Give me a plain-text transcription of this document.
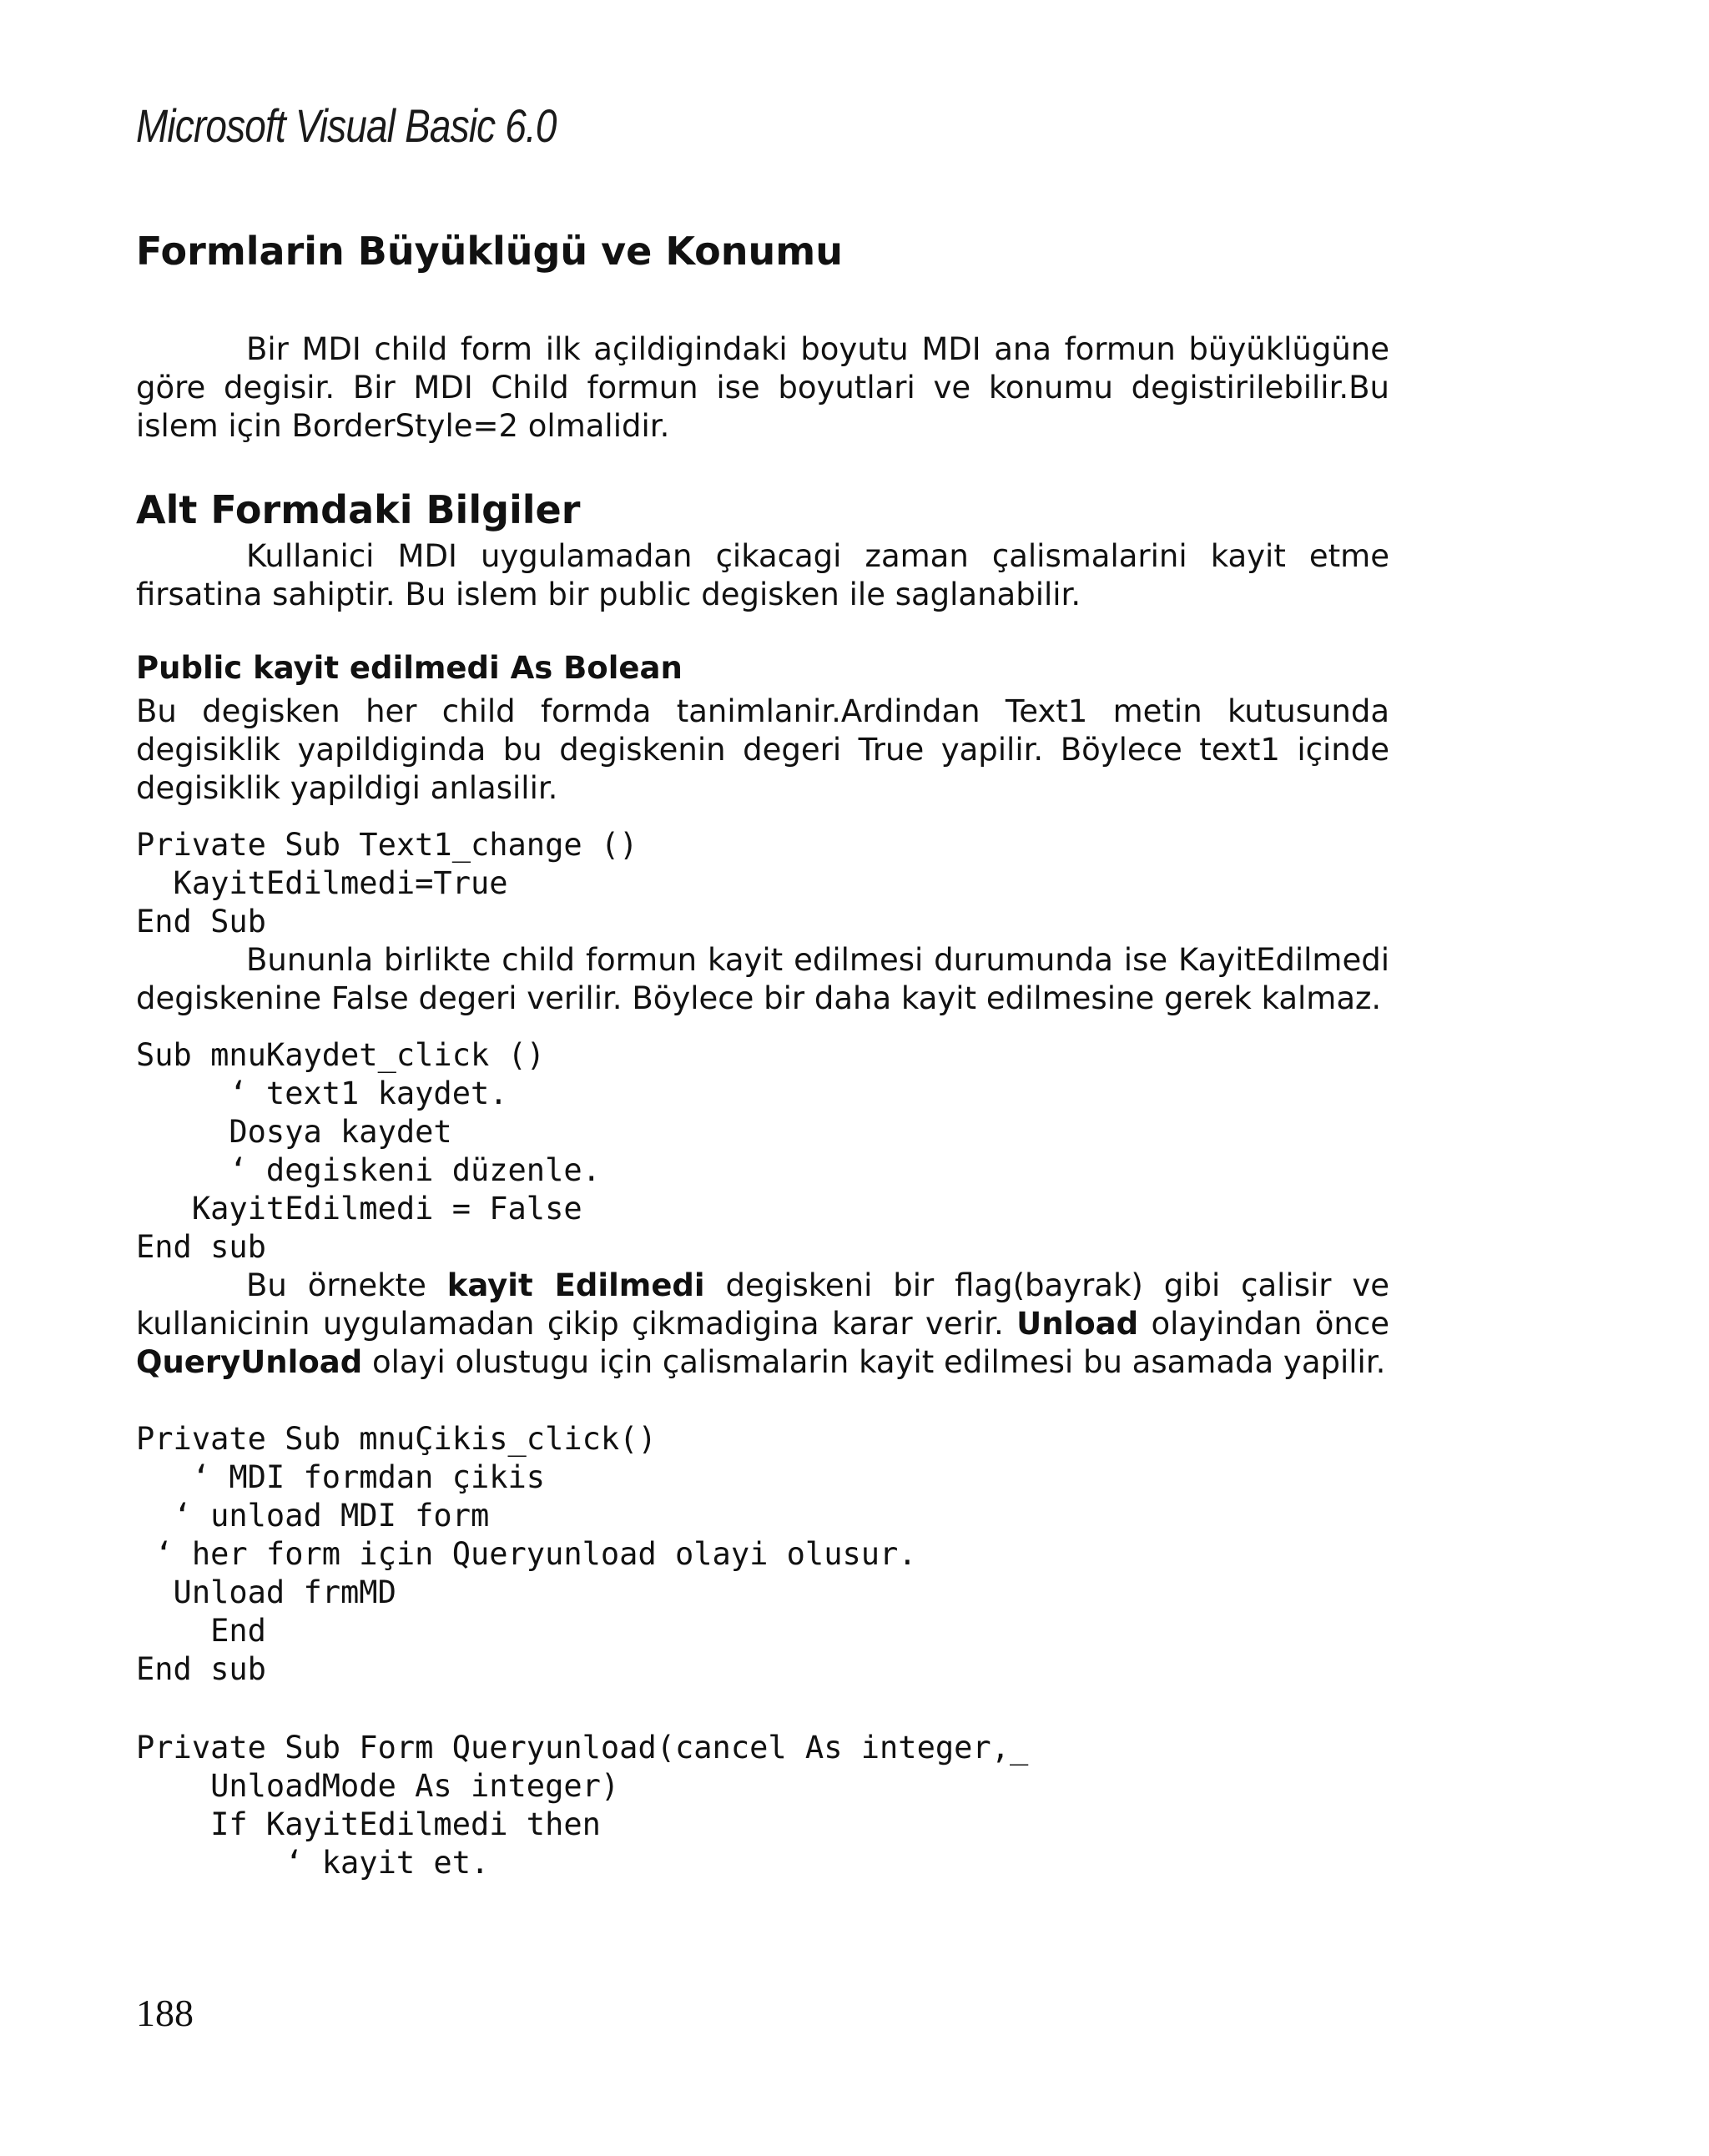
Microsoft Visual Basic 6.0
Formlarin Büyüklügü ve Konumu

Bir MDI child form ilk açildigindaki boyutu MDI ana formun büyüklügüne göre degisir. Bir MDI Child formun ise boyutlari ve konumu degistirilebilir.Bu islem için BorderStyle=2 olmalidir.

Alt Formdaki Bilgiler

Kullanici MDI uygulamadan çikacagi zaman çalismalarini kayit etme firsatina sahiptir. Bu islem bir public degisken ile saglanabilir.

Public kayit edilmedi As Bolean

Bu degisken her child formda tanimlanir.Ardindan Text1 metin kutusunda degisiklik yapildiginda bu degiskenin degeri True yapilir. Böylece text1 içinde degisiklik yapildigi anlasilir.

Private Sub Text1_change ()
KayitEdilmedi=True
End Sub

Bununla birlikte child formun kayit edilmesi durumunda ise KayitEdilmedi degiskenine False degeri verilir. Böylece bir daha kayit edilmesine gerek kalmaz.

Sub mnuKaydet_click ()
‘ text1 kaydet.
Dosya kaydet
‘ degiskeni düzenle.
KayitEdilmedi = False
End sub

Bu örnekte kayit Edilmedi degiskeni bir flag(bayrak) gibi çalisir ve kullanicinin uygulamadan çikip çikmadigina karar verir. Unload olayindan önce QueryUnload olayi olustugu için çalismalarin kayit edilmesi bu asamada yapilir.

Private Sub mnuÇikis_click()
‘ MDI formdan çikis
‘ unload MDI form
‘ her form için Queryunload olayi olusur.
Unload frmMD
End
End sub
Private Sub Form Queryunload(cancel As integer,_
UnloadMode As integer)
If KayitEdilmedi then
‘ kayit et.
188
